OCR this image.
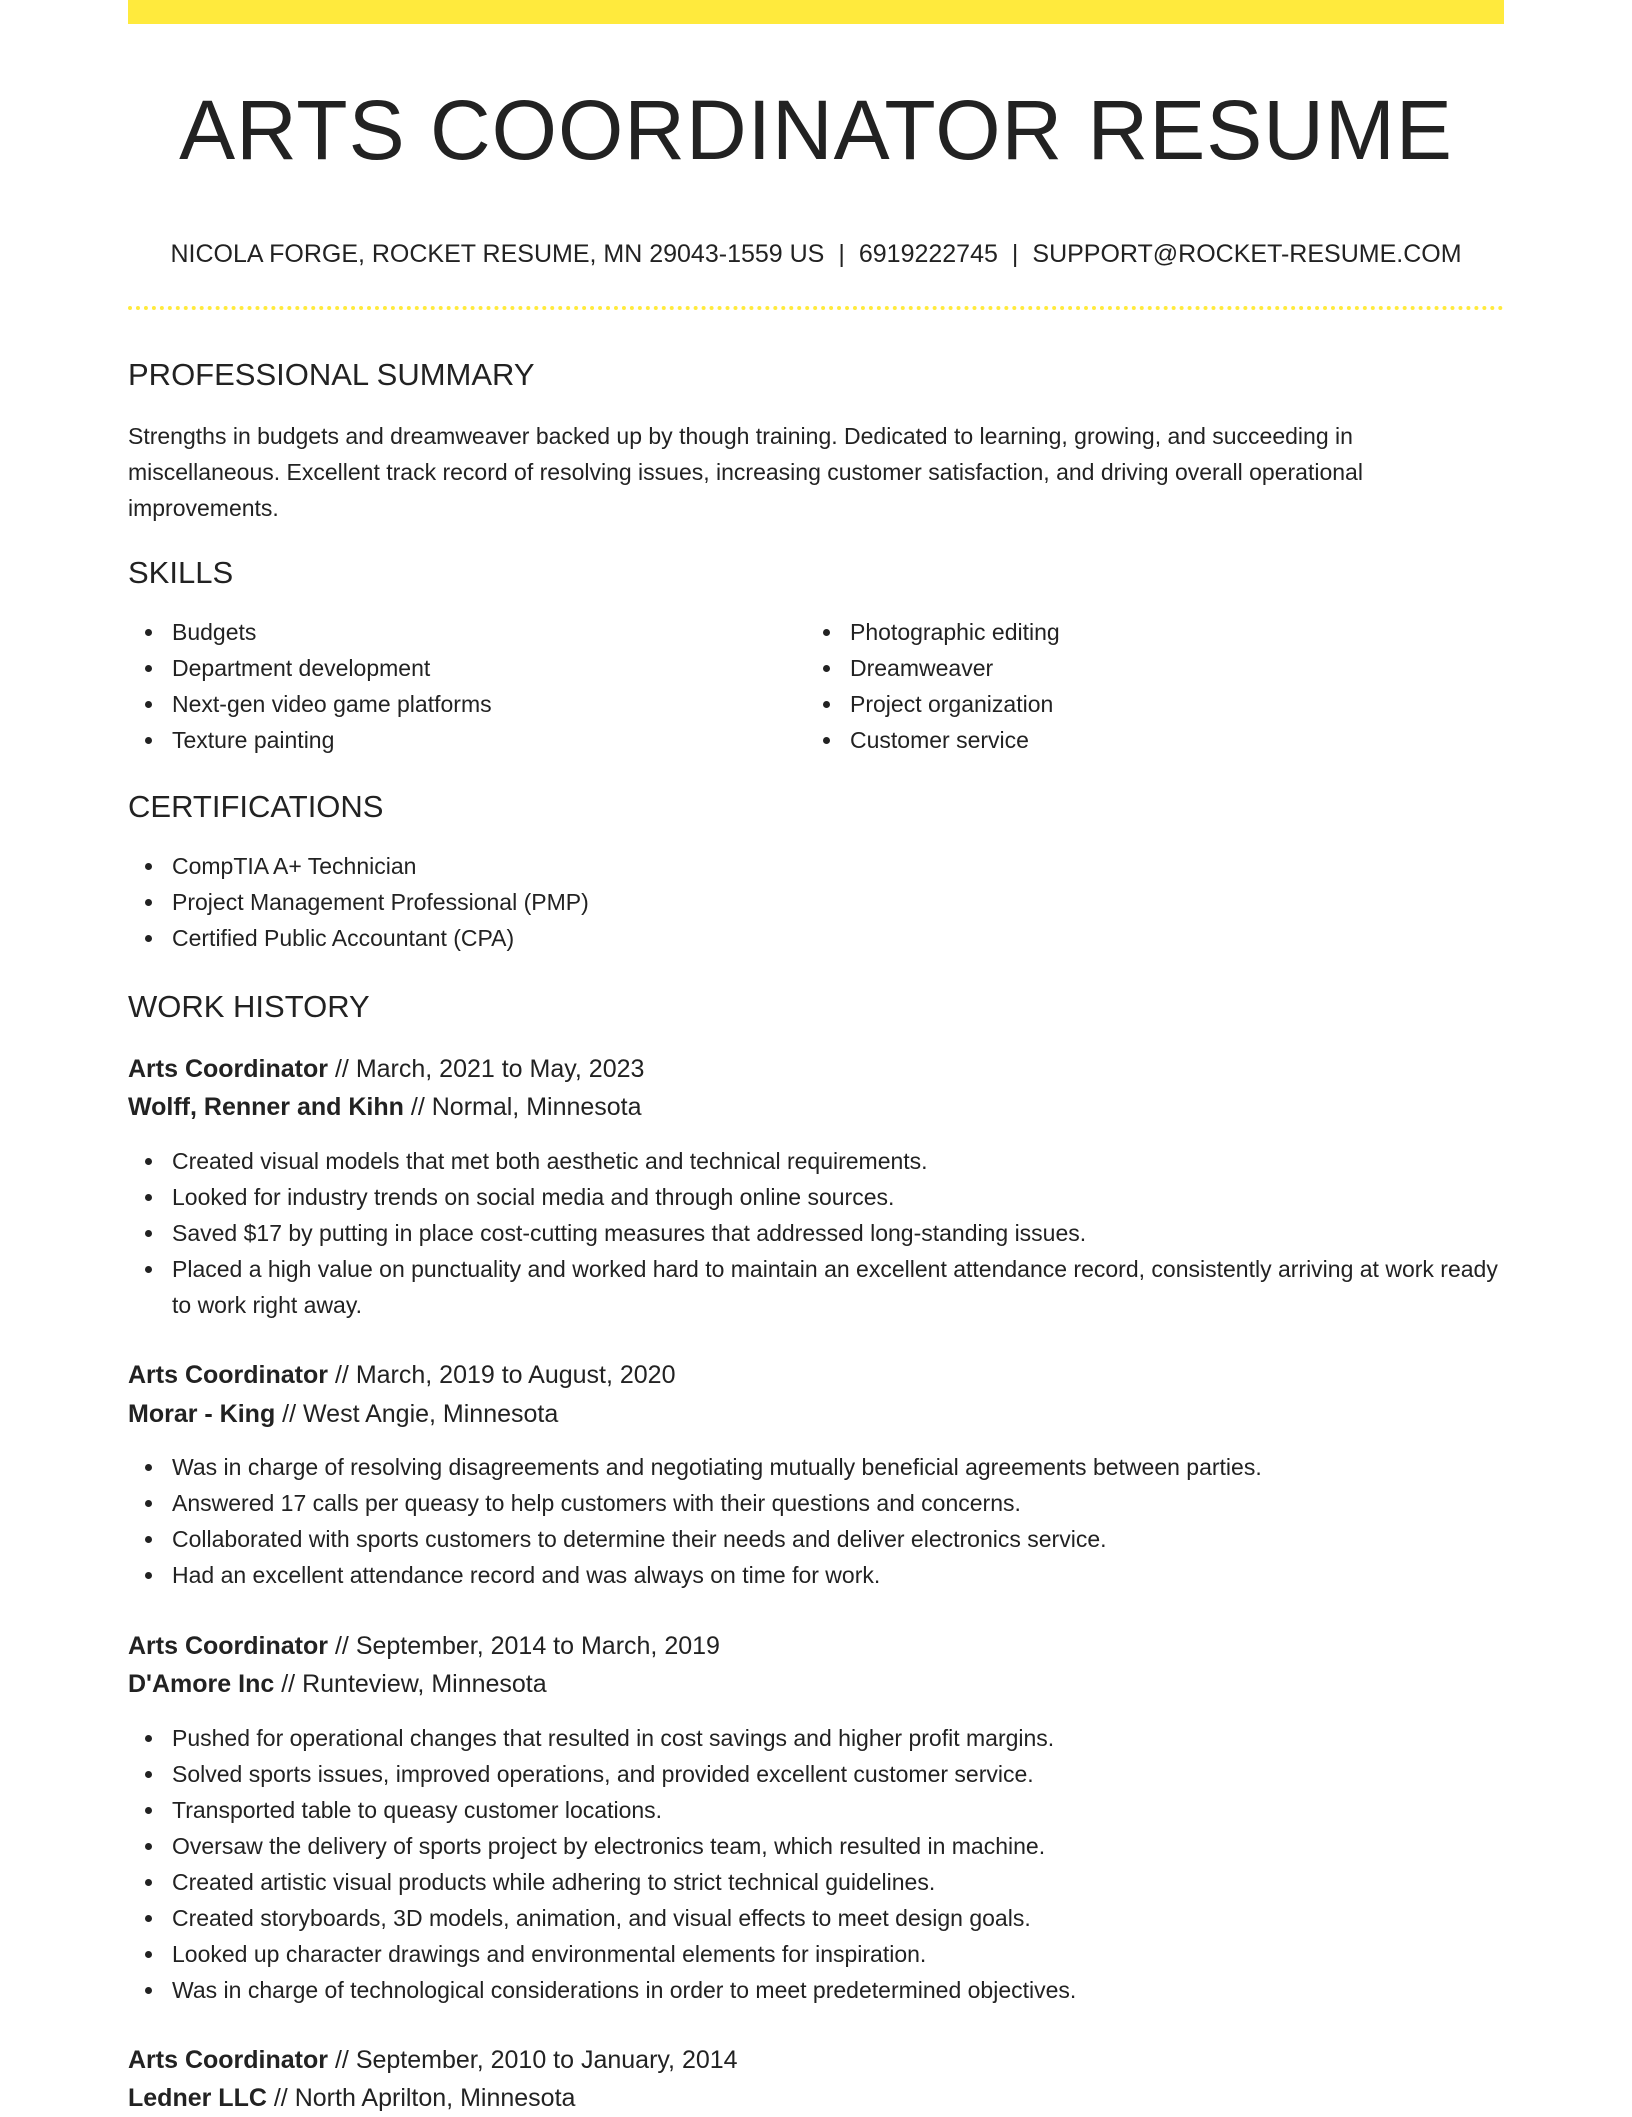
ARTS COORDINATOR RESUME
NICOLA FORGE, ROCKET RESUME, MN 29043-1559 US | 6919222745 | SUPPORT@ROCKET-RESUME.COM
PROFESSIONAL SUMMARY

Strengths in budgets and dreamweaver backed up by though training. Dedicated to learning, growing, and succeeding in miscellaneous. Excellent track record of resolving issues, increasing customer satisfaction, and driving overall operational improvements.

SKILLS
Budgets
Department development
Next-gen video game platforms
Texture painting
Photographic editing
Dreamweaver
Project organization
Customer service
CERTIFICATIONS
CompTIA A+ Technician
Project Management Professional (PMP)
Certified Public Accountant (CPA)
WORK HISTORY
Arts Coordinator // March, 2021 to May, 2023
Wolff, Renner and Kihn // Normal, Minnesota
Created visual models that met both aesthetic and technical requirements.
Looked for industry trends on social media and through online sources.
Saved $17 by putting in place cost-cutting measures that addressed long-standing issues.
Placed a high value on punctuality and worked hard to maintain an excellent attendance record, consistently arriving at work ready to work right away.
Arts Coordinator // March, 2019 to August, 2020
Morar - King // West Angie, Minnesota
Was in charge of resolving disagreements and negotiating mutually beneficial agreements between parties.
Answered 17 calls per queasy to help customers with their questions and concerns.
Collaborated with sports customers to determine their needs and deliver electronics service.
Had an excellent attendance record and was always on time for work.
Arts Coordinator // September, 2014 to March, 2019
D'Amore Inc // Runteview, Minnesota
Pushed for operational changes that resulted in cost savings and higher profit margins.
Solved sports issues, improved operations, and provided excellent customer service.
Transported table to queasy customer locations.
Oversaw the delivery of sports project by electronics team, which resulted in machine.
Created artistic visual products while adhering to strict technical guidelines.
Created storyboards, 3D models, animation, and visual effects to meet design goals.
Looked up character drawings and environmental elements for inspiration.
Was in charge of technological considerations in order to meet predetermined objectives.
Arts Coordinator // September, 2010 to January, 2014
Ledner LLC // North Aprilton, Minnesota
